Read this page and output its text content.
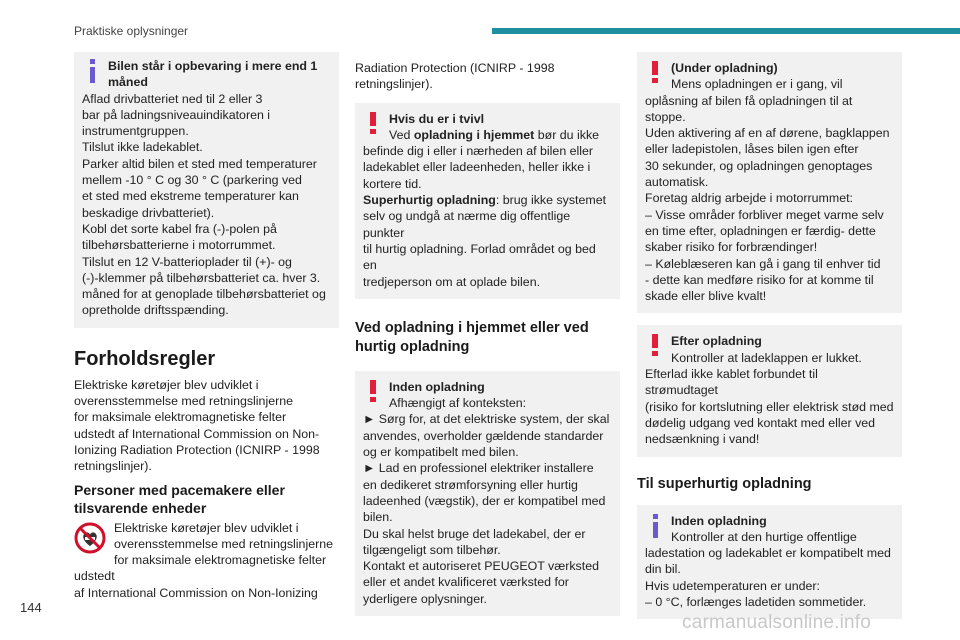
Praktiske oplysninger
Bilen står i opbevaring i mere end 1
måned
Aflad drivbatteriet ned til 2 eller 3
bar på ladningsniveauindikatoren i
instrumentgruppen.
Tilslut ikke ladekablet.
Parker altid bilen et sted med temperaturer
mellem -10 ° C og 30 ° C (parkering ved
et sted med ekstreme temperaturer kan
beskadige drivbatteriet).
Kobl det sorte kabel fra (-)-polen på
tilbehørsbatterierne i motorrummet.
Tilslut en 12 V-batterioplader til (+)- og
(-)-klemmer på tilbehørsbatteriet ca. hver 3.
måned for at genoplade tilbehørsbatteriet og
opretholde driftsspænding.
Forholdsregler
Elektriske køretøjer blev udviklet i
overensstemmelse med retningslinjerne
for maksimale elektromagnetiske felter
udstedt af International Commission on Non-
Ionizing Radiation Protection (ICNIRP - 1998
retningslinjer).
Personer med pacemakere eller
tilsvarende enheder
Elektriske køretøjer blev udviklet i
overensstemmelse med retningslinjerne
for maksimale elektromagnetiske felter udstedt
af International Commission on Non-Ionizing
Radiation Protection (ICNIRP - 1998
retningslinjer).
Hvis du er i tvivl
Ved opladning i hjemmet bør du ikke
befinde dig i eller i nærheden af bilen eller
ladekablet eller ladeenheden, heller ikke i
kortere tid.
Superhurtig opladning: brug ikke systemet
selv og undgå at nærme dig offentlige punkter
til hurtig opladning. Forlad området og bed en
tredjeperson om at oplade bilen.
Ved opladning i hjemmet eller ved
hurtig opladning
Inden opladning
Afhængigt af konteksten:
► Sørg for, at det elektriske system, der skal
anvendes, overholder gældende standarder
og er kompatibelt med bilen.
► Lad en professionel elektriker installere
en dedikeret strømforsyning eller hurtig
ladeenhed (vægstik), der er kompatibel med
bilen.
Du skal helst bruge det ladekabel, der er
tilgængeligt som tilbehør.
Kontakt et autoriseret PEUGEOT værksted
eller et andet kvalificeret værksted for
yderligere oplysninger.
(Under opladning)
Mens opladningen er i gang, vil
oplåsning af bilen få opladningen til at stoppe.
Uden aktivering af en af dørene, bagklappen
eller ladepistolen, låses bilen igen efter
30 sekunder, og opladningen genoptages
automatisk.
Foretag aldrig arbejde i motorrummet:
– Visse områder forbliver meget varme selv
en time efter, opladningen er færdig- dette
skaber risiko for forbrændinger!
– Køleblæseren kan gå i gang til enhver tid
- dette kan medføre risiko for at komme til
skade eller blive kvalt!
Efter opladning
Kontroller at ladeklappen er lukket.
Efterlad ikke kablet forbundet til strømudtaget
(risiko for kortslutning eller elektrisk stød med
dødelig udgang ved kontakt med eller ved
nedsænkning i vand!
Til superhurtig opladning
Inden opladning
Kontroller at den hurtige offentlige
ladestation og ladekablet er kompatibelt med
din bil.
Hvis udetemperaturen er under:
– 0 °C, forlænges ladetiden sommetider.
144
carmanualsonline.info
